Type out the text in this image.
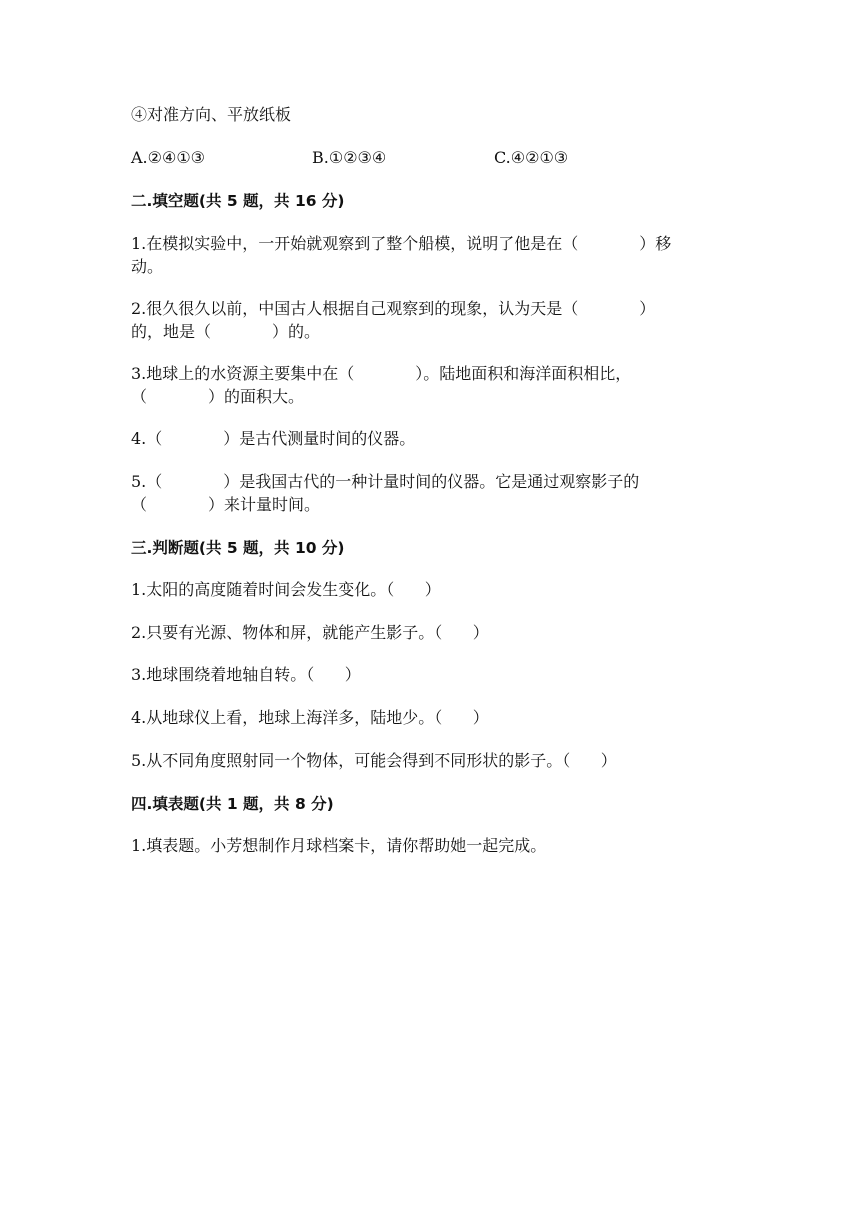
④对准方向、平放纸板
A.②④①③	B.①②③④	C.④②①③
二.填空题(共 5 题，共 16 分)
1.在模拟实验中，一开始就观察到了整个船模，说明了他是在（            ）移
动。
2.很久很久以前，中国古人根据自己观察到的现象，认为天是（            ）
的，地是（            ）的。
3.地球上的水资源主要集中在（            ）。陆地面积和海洋面积相比，
（            ）的面积大。
4.（            ）是古代测量时间的仪器。
5.（            ）是我国古代的一种计量时间的仪器。它是通过观察影子的
（            ）来计量时间。
三.判断题(共 5 题，共 10 分)
1.太阳的高度随着时间会发生变化。（      ）
2.只要有光源、物体和屏，就能产生影子。（      ）
3.地球围绕着地轴自转。（      ）
4.从地球仪上看，地球上海洋多，陆地少。（      ）
5.从不同角度照射同一个物体，可能会得到不同形状的影子。（      ）
四.填表题(共 1 题，共 8 分)
1.填表题。小芳想制作月球档案卡，请你帮助她一起完成。
